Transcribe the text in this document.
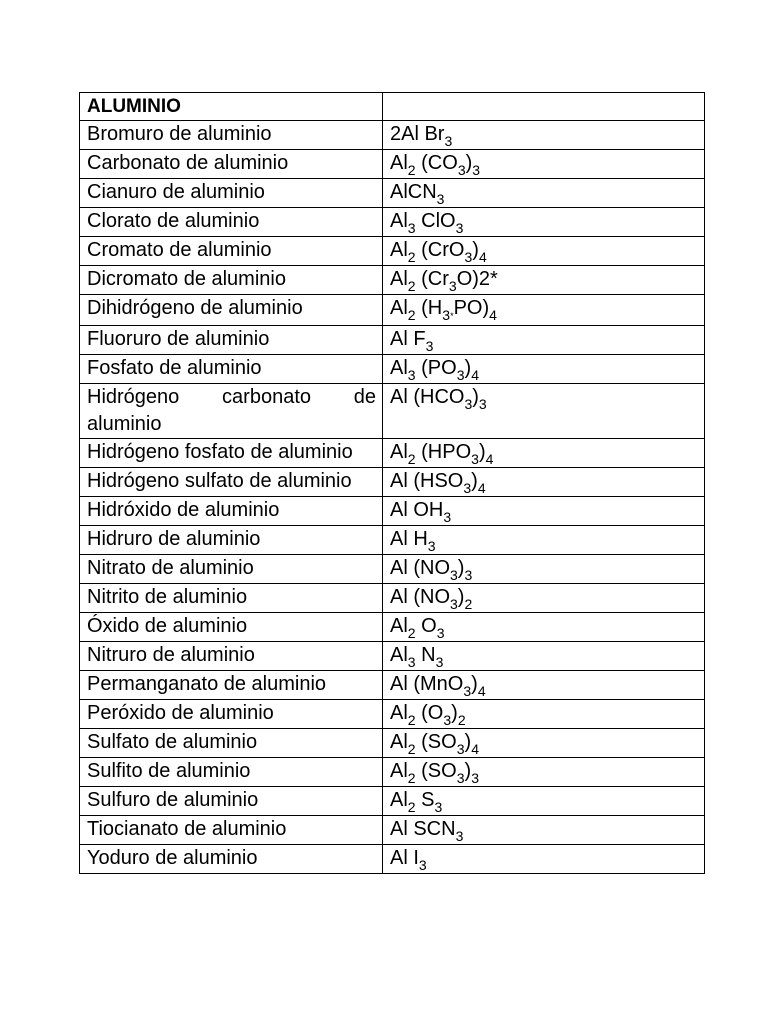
ALUMINIO	
Bromuro de aluminio	2Al $Br_3$
Carbonato de aluminio	$Al_2$ $(CO_3)_3$
Cianuro de aluminio	AlCN$_3$
Clorato de aluminio	$Al_3$ ClO$_3$
Cromato de aluminio	$Al_2$ $(CrO_3)_4$
Dicromato de aluminio	$Al_2$ $(Cr_3O)2*$
Dihidrógeno de aluminio	$Al_2$ $(H_{3*}PO)_4$
Fluoruro de aluminio	Al $F_3$
Fosfato de aluminio	$Al_3$ $(PO_3)_4$
Hidrógeno carbonato de aluminio	Al $(HCO_3)_3$
Hidrógeno fosfato de aluminio	$Al_2$ $(HPO_3)_4$
Hidrógeno sulfato de aluminio	Al $(HSO_3)_4$
Hidróxido de aluminio	Al $OH_3$
Hidruro de aluminio	Al $H_3$
Nitrato de aluminio	Al $(NO_3)_3$
Nitrito de aluminio	Al $(NO_3)_2$
Óxido de aluminio	$Al_2$ $O_3$
Nitruro de aluminio	$Al_3$ $N_3$
Permanganato de aluminio	Al $(MnO_3)_4$
Peróxido de aluminio	$Al_2$ $(O_3)_2$
Sulfato de aluminio	$Al_2$ $(SO_3)_4$
Sulfito de aluminio	$Al_2$ $(SO_3)_3$
Sulfuro de aluminio	$Al_2$ $S_3$
Tiocianato de aluminio	Al $SCN_3$
Yoduro de aluminio	Al $I_3$
